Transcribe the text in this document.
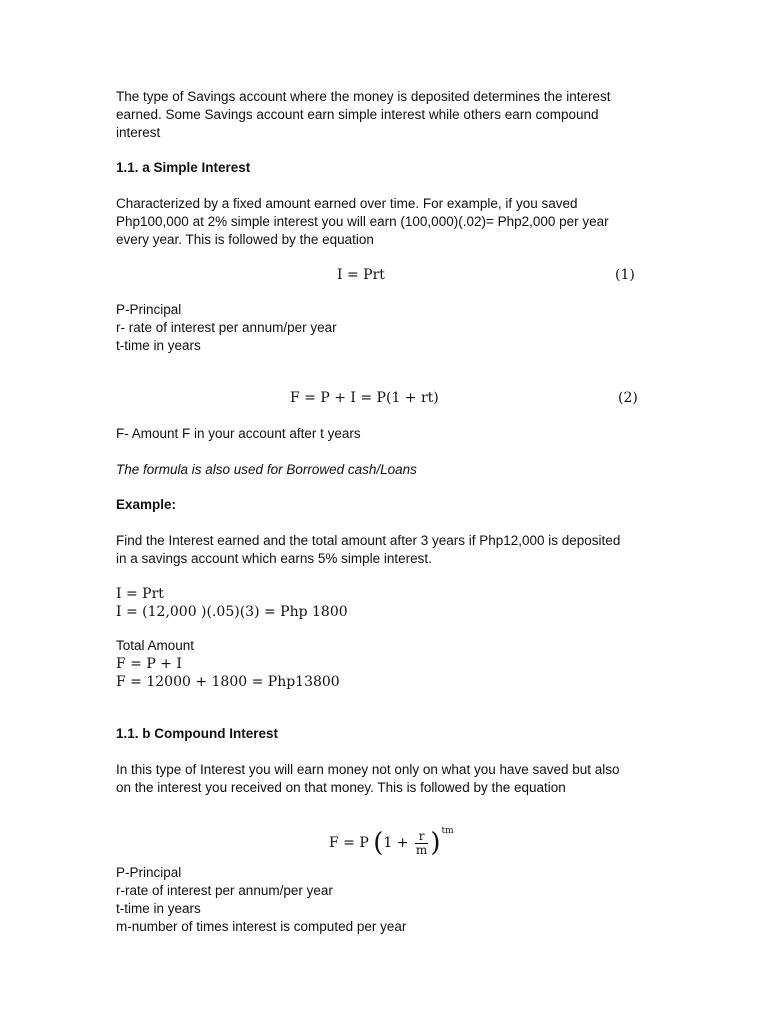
The type of Savings account where the money is deposited determines the interest

earned. Some Savings account earn simple interest while others earn compound

interest

1.1. a Simple Interest

Characterized by a fixed amount earned over time. For example, if you saved

Php100,000 at 2% simple interest you will earn (100,000)(.02)= Php2,000 per year

every year. This is followed by the equation

I = Prt	(1)

P-Principal

r- rate of interest per annum/per year

t-time in years

F = P + I = P(1 + rt)	(2)
F- Amount F in your account after t years
The formula is also used for Borrowed cash/Loans
Example:

Find the Interest earned and the total amount after 3 years if Php12,000 is deposited

in a savings account which earns 5% simple interest.

I = Prt

I = (12,000 )(.05)(3) = Php 1800

Total Amount

F = P + I

F = 12000 + 1800 = Php13800

1.1. b Compound Interest

In this type of Interest you will earn money not only on what you have saved but also

on the interest you received on that money. This is followed by the equation

F = P $(1 + \frac{r}{m} )^{tm}$

P-Principal

r-rate of interest per annum/per year

t-time in years

m-number of times interest is computed per year
